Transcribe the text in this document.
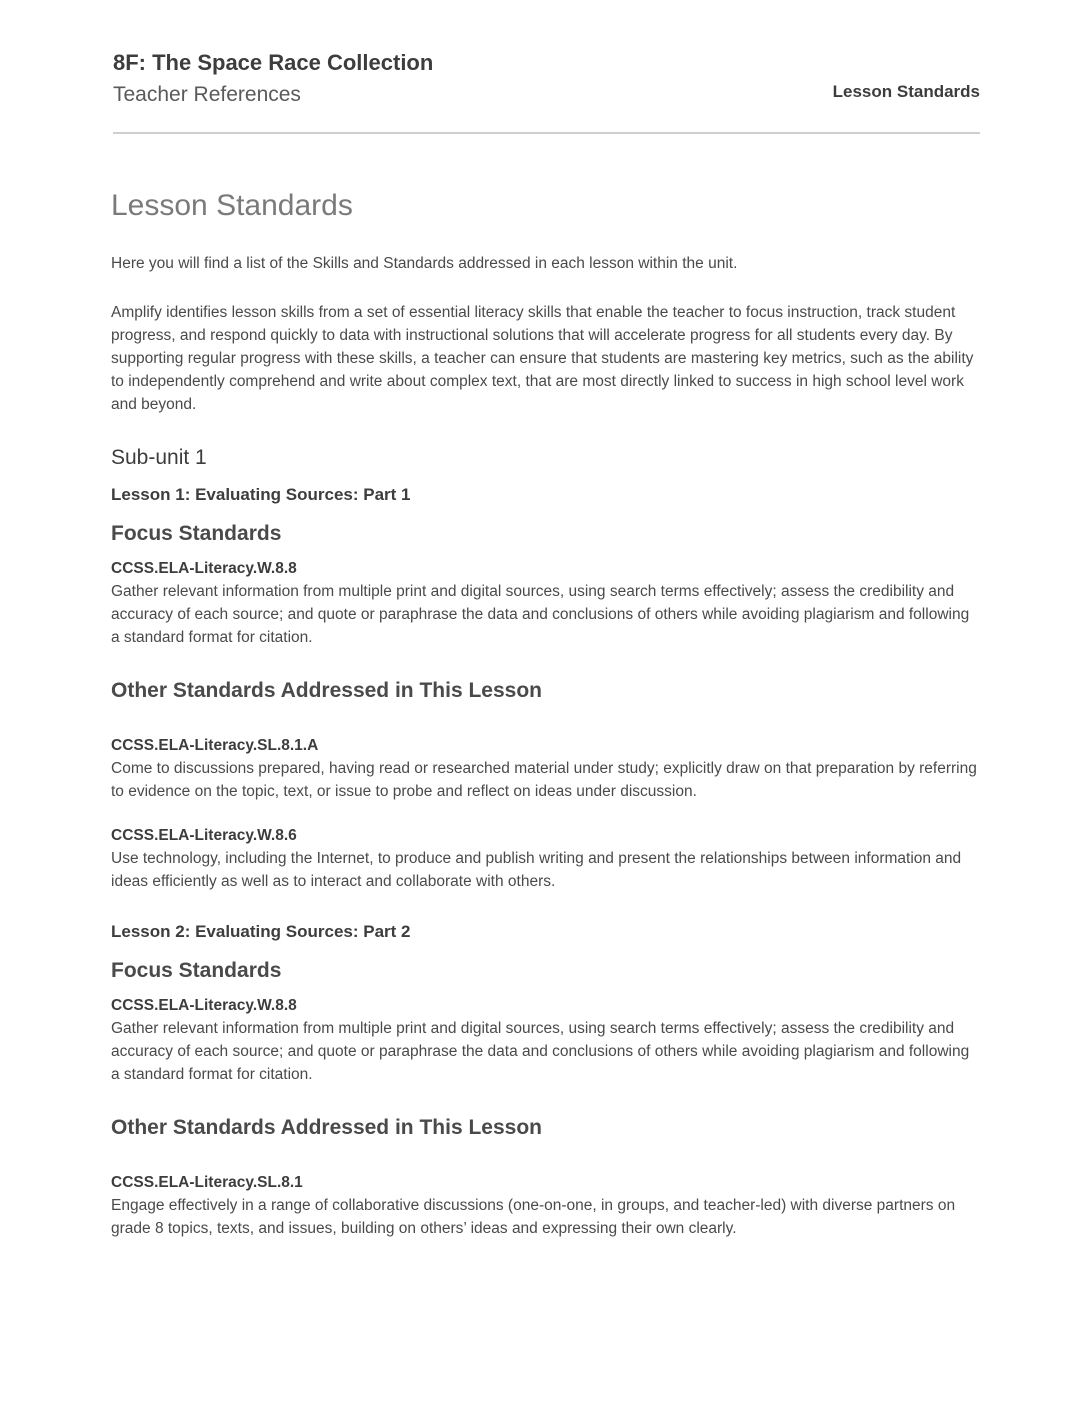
8F: The Space Race Collection

Teacher References	Lesson Standards
Lesson Standards

Here you will find a list of the Skills and Standards addressed in each lesson within the unit.

Amplify identifies lesson skills from a set of essential literacy skills that enable the teacher to focus instruction, track student progress, and respond quickly to data with instructional solutions that will accelerate progress for all students every day. By supporting regular progress with these skills, a teacher can ensure that students are mastering key metrics, such as the ability to independently comprehend and write about complex text, that are most directly linked to success in high school level work and beyond.

Sub-unit 1
Lesson 1: Evaluating Sources: Part 1
Focus Standards

CCSS.ELA-Literacy.W.8.8

Gather relevant information from multiple print and digital sources, using search terms effectively; assess the credibility and accuracy of each source; and quote or paraphrase the data and conclusions of others while avoiding plagiarism and following a standard format for citation.

Other Standards Addressed in This Lesson

CCSS.ELA-Literacy.SL.8.1.A

Come to discussions prepared, having read or researched material under study; explicitly draw on that preparation by referring to evidence on the topic, text, or issue to probe and reflect on ideas under discussion.

CCSS.ELA-Literacy.W.8.6

Use technology, including the Internet, to produce and publish writing and present the relationships between information and ideas efficiently as well as to interact and collaborate with others.

Lesson 2: Evaluating Sources: Part 2
Focus Standards

CCSS.ELA-Literacy.W.8.8

Gather relevant information from multiple print and digital sources, using search terms effectively; assess the credibility and accuracy of each source; and quote or paraphrase the data and conclusions of others while avoiding plagiarism and following a standard format for citation.

Other Standards Addressed in This Lesson

CCSS.ELA-Literacy.SL.8.1

Engage effectively in a range of collaborative discussions (one-on-one, in groups, and teacher-led) with diverse partners on grade 8 topics, texts, and issues, building on others’ ideas and expressing their own clearly.
